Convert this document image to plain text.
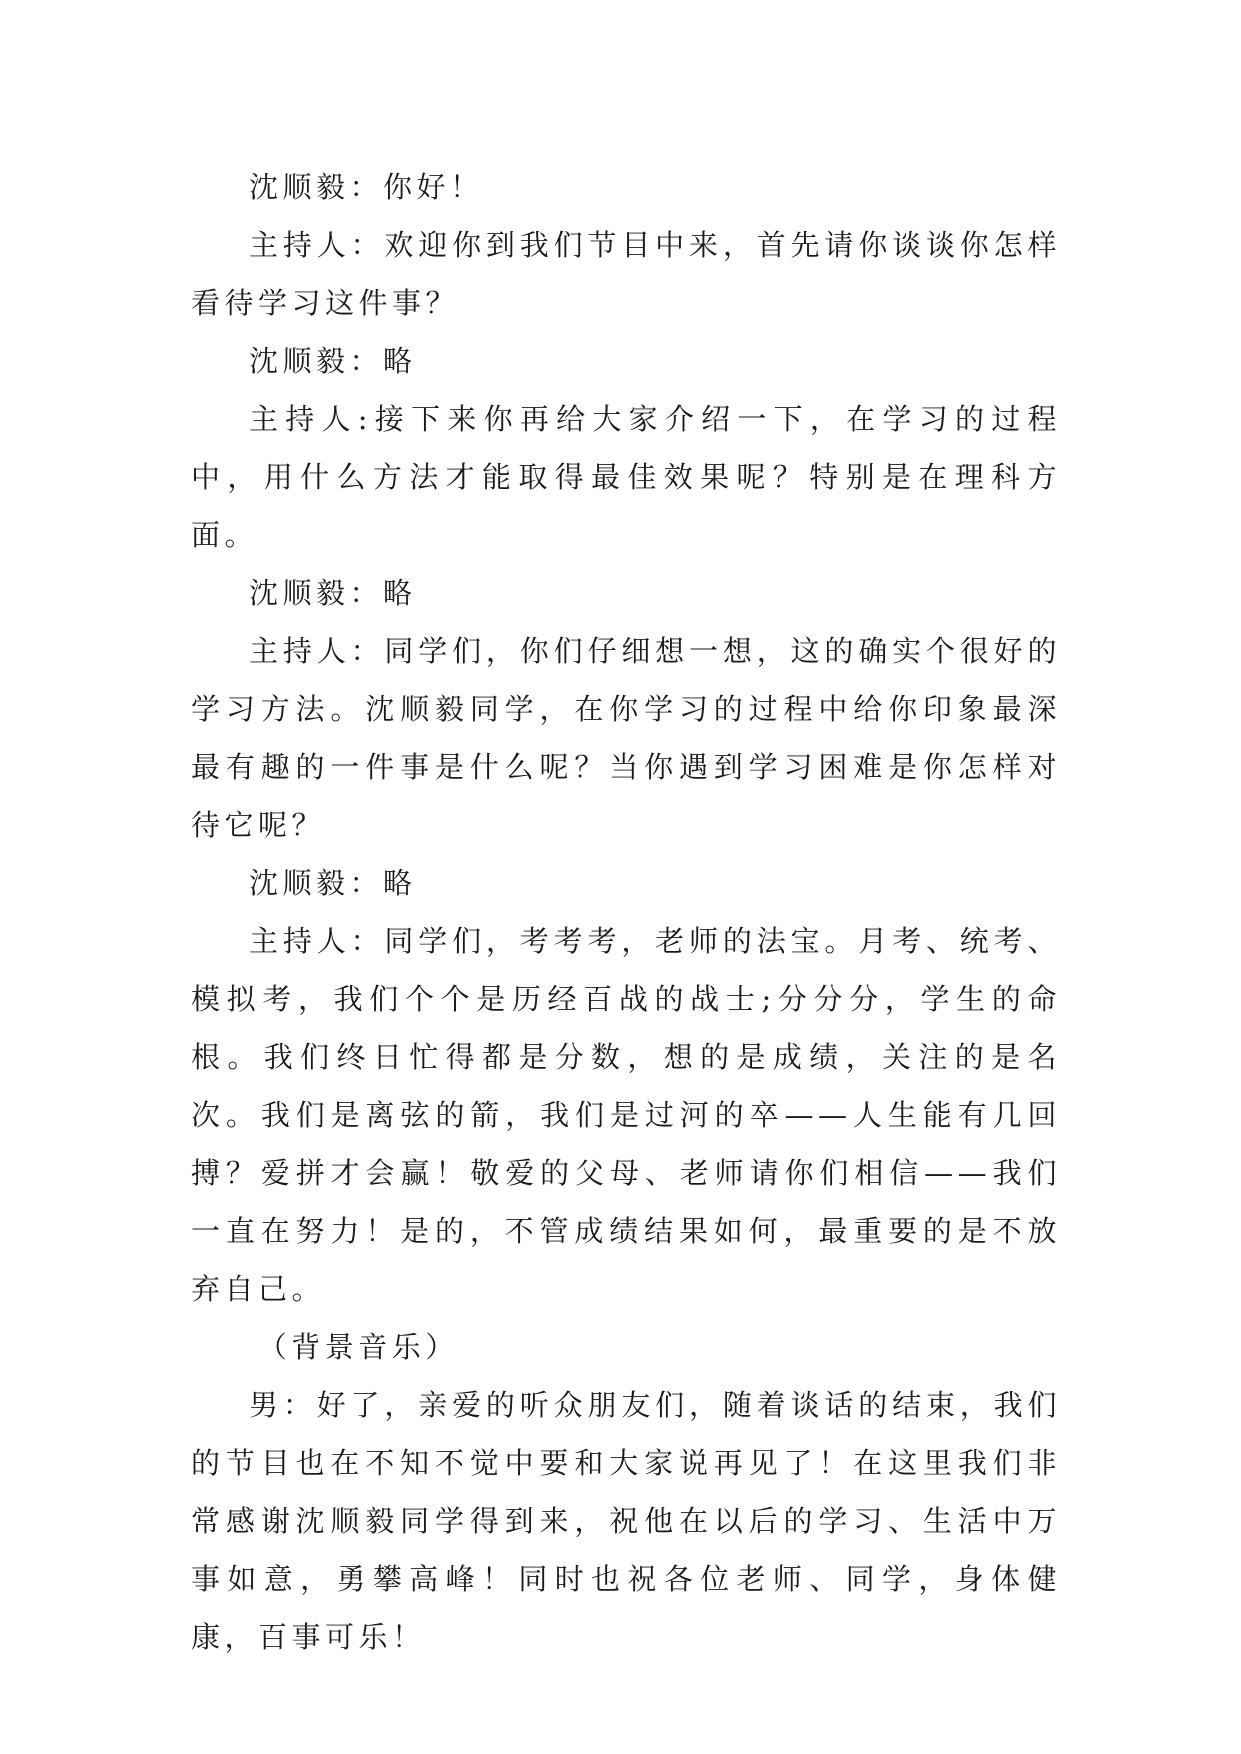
沈顺毅：你好！

主持人：欢迎你到我们节目中来，首先请你谈谈你怎样看待学习这件事？

沈顺毅：略

主持人:接下来你再给大家介绍一下，在学习的过程中，用什么方法才能取得最佳效果呢？特别是在理科方面。

沈顺毅：略

主持人：同学们，你们仔细想一想，这的确实个很好的学习方法。沈顺毅同学，在你学习的过程中给你印象最深最有趣的一件事是什么呢？当你遇到学习困难是你怎样对待它呢？

沈顺毅：略

主持人：同学们，考考考，老师的法宝。月考、统考、模拟考，我们个个是历经百战的战士;分分分，学生的命根。我们终日忙得都是分数，想的是成绩，关注的是名次。我们是离弦的箭，我们是过河的卒——人生能有几回搏？爱拼才会赢！敬爱的父母、老师请你们相信——我们一直在努力！是的，不管成绩结果如何，最重要的是不放弃自己。

（背景音乐）

男：好了，亲爱的听众朋友们，随着谈话的结束，我们的节目也在不知不觉中要和大家说再见了！在这里我们非常感谢沈顺毅同学得到来，祝他在以后的学习、生活中万事如意，勇攀高峰！同时也祝各位老师、同学，身体健康，百事可乐！
